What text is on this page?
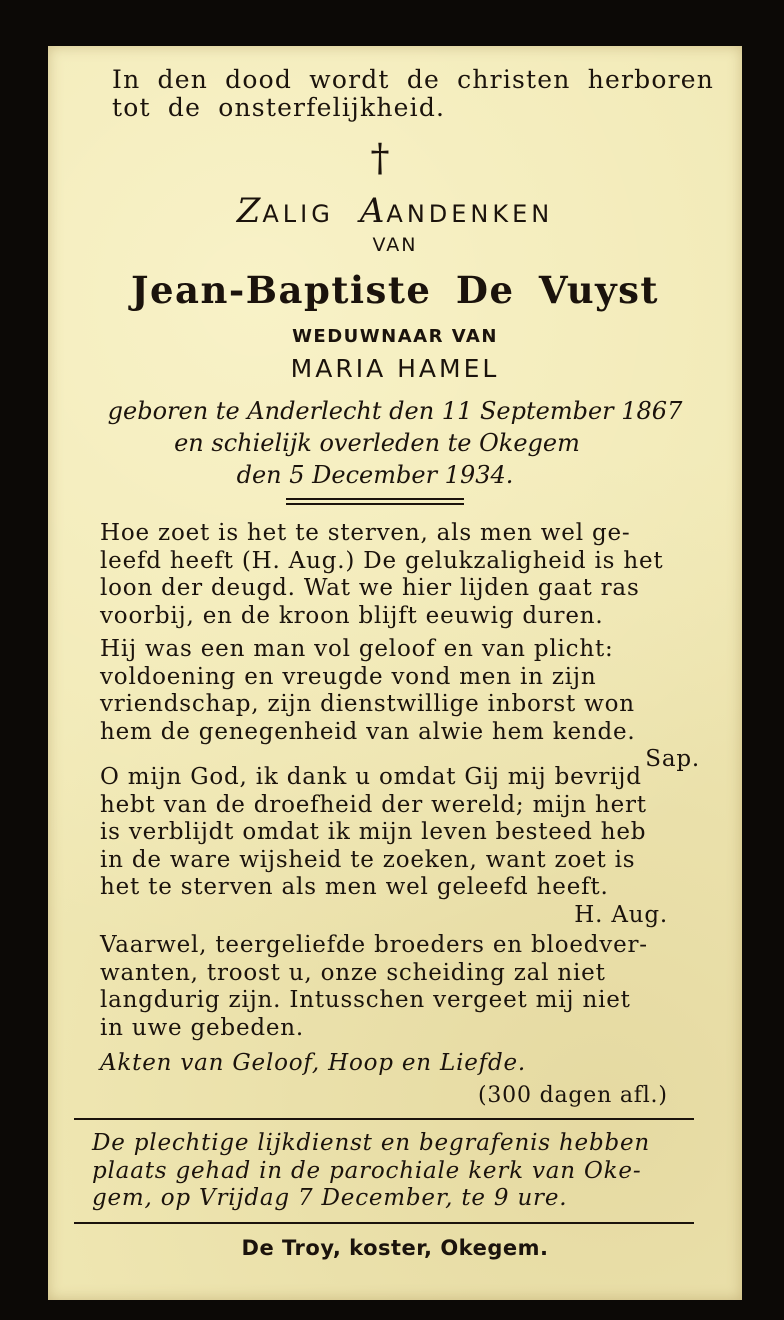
In den dood wordt de christen herboren tot de onsterfelijkheid.
†
ZALIG AANDENKEN
VAN
Jean-Baptiste De Vuyst
WEDUWNAAR VAN
MARIA HAMEL
geboren te Anderlecht den 11 September 1867
en schielijk overleden te Okegem
den 5 December 1934.
Hoe zoet is het te sterven, als men wel ge-
leefd heeft (H. Aug.) De gelukzaligheid is het
loon der deugd. Wat we hier lijden gaat ras
voorbij, en de kroon blijft eeuwig duren.
Hij was een man vol geloof en van plicht:
voldoening en vreugde vond men in zijn
vriendschap, zijn dienstwillige inborst won
hem de genegenheid van alwie hem kende.
Sap.
O mijn God, ik dank u omdat Gij mij bevrijd
hebt van de droefheid der wereld; mijn hert
is verblijdt omdat ik mijn leven besteed heb
in de ware wijsheid te zoeken, want zoet is
het te sterven als men wel geleefd heeft.
H. Aug.
Vaarwel, teergeliefde broeders en bloedver-
wanten, troost u, onze scheiding zal niet
langdurig zijn. Intusschen vergeet mij niet
in uwe gebeden.
Akten van Geloof, Hoop en Liefde.
(300 dagen afl.)
De plechtige lijkdienst en begrafenis hebben
plaats gehad in de parochiale kerk van Oke-
gem, op Vrijdag 7 December, te 9 ure.
De Troy, koster, Okegem.
